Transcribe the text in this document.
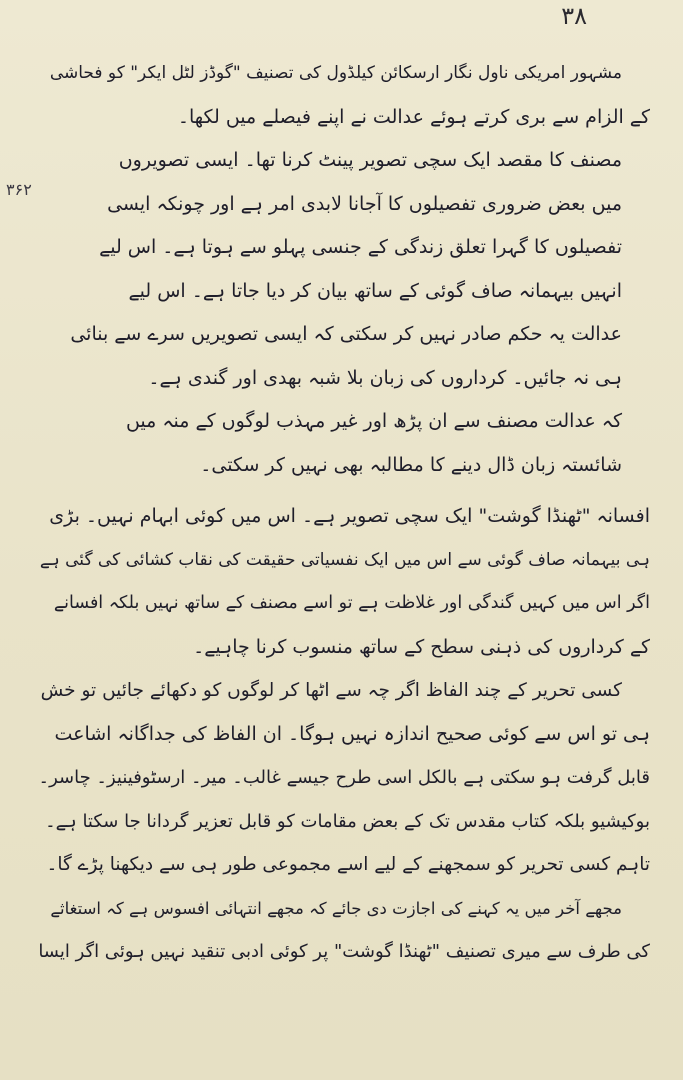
۳۸
۳۶۲
مشہور امریکی ناول نگار ارسکائن کیلڈول کی تصنیف "گوڈز لٹل ایکر" کو فحاشی
کے الزام سے بری کرتے ہوئے عدالت نے اپنے فیصلے میں لکھا۔
مصنف کا مقصد ایک سچی تصویر پینٹ کرنا تھا۔ ایسی تصویروں
میں بعض ضروری تفصیلوں کا آجانا لابدی امر ہے اور چونکہ ایسی
تفصیلوں کا گہرا تعلق زندگی کے جنسی پہلو سے ہوتا ہے۔ اس لیے
انہیں بیہمانہ صاف گوئی کے ساتھ بیان کر دیا جاتا ہے۔ اس لیے
عدالت یہ حکم صادر نہیں کر سکتی کہ ایسی تصویریں سرے سے بنائی
ہی نہ جائیں۔ کرداروں کی زبان بلا شبہ بھدی اور گندی ہے۔
کہ عدالت مصنف سے ان پڑھ اور غیر مہذب لوگوں کے منہ میں
شائستہ زبان ڈال دینے کا مطالبہ بھی نہیں کر سکتی۔
افسانہ "ٹھنڈا گوشت" ایک سچی تصویر ہے۔ اس میں کوئی ابہام نہیں۔ بڑی
ہی بیہمانہ صاف گوئی سے اس میں ایک نفسیاتی حقیقت کی نقاب کشائی کی گئی ہے
اگر اس میں کہیں گندگی اور غلاظت ہے تو اسے مصنف کے ساتھ نہیں بلکہ افسانے
کے کرداروں کی ذہنی سطح کے ساتھ منسوب کرنا چاہیے۔
کسی تحریر کے چند الفاظ اگر چہ سے اٹھا کر لوگوں کو دکھائے جائیں تو خش
ہی تو اس سے کوئی صحیح اندازہ نہیں ہوگا۔ ان الفاظ کی جداگانہ اشاعت
قابل گرفت ہو سکتی ہے بالکل اسی طرح جیسے غالب۔ میر۔ ارسٹوفینیز۔ چاسر۔
بوکیشیو بلکہ کتاب مقدس تک کے بعض مقامات کو قابل تعزیر گردانا جا سکتا ہے۔
تاہم کسی تحریر کو سمجھنے کے لیے اسے مجموعی طور ہی سے دیکھنا پڑے گا۔
مجھے آخر میں یہ کہنے کی اجازت دی جائے کہ مجھے انتہائی افسوس ہے کہ استغاثے
کی طرف سے میری تصنیف "ٹھنڈا گوشت" پر کوئی ادبی تنقید نہیں ہوئی اگر ایسا
